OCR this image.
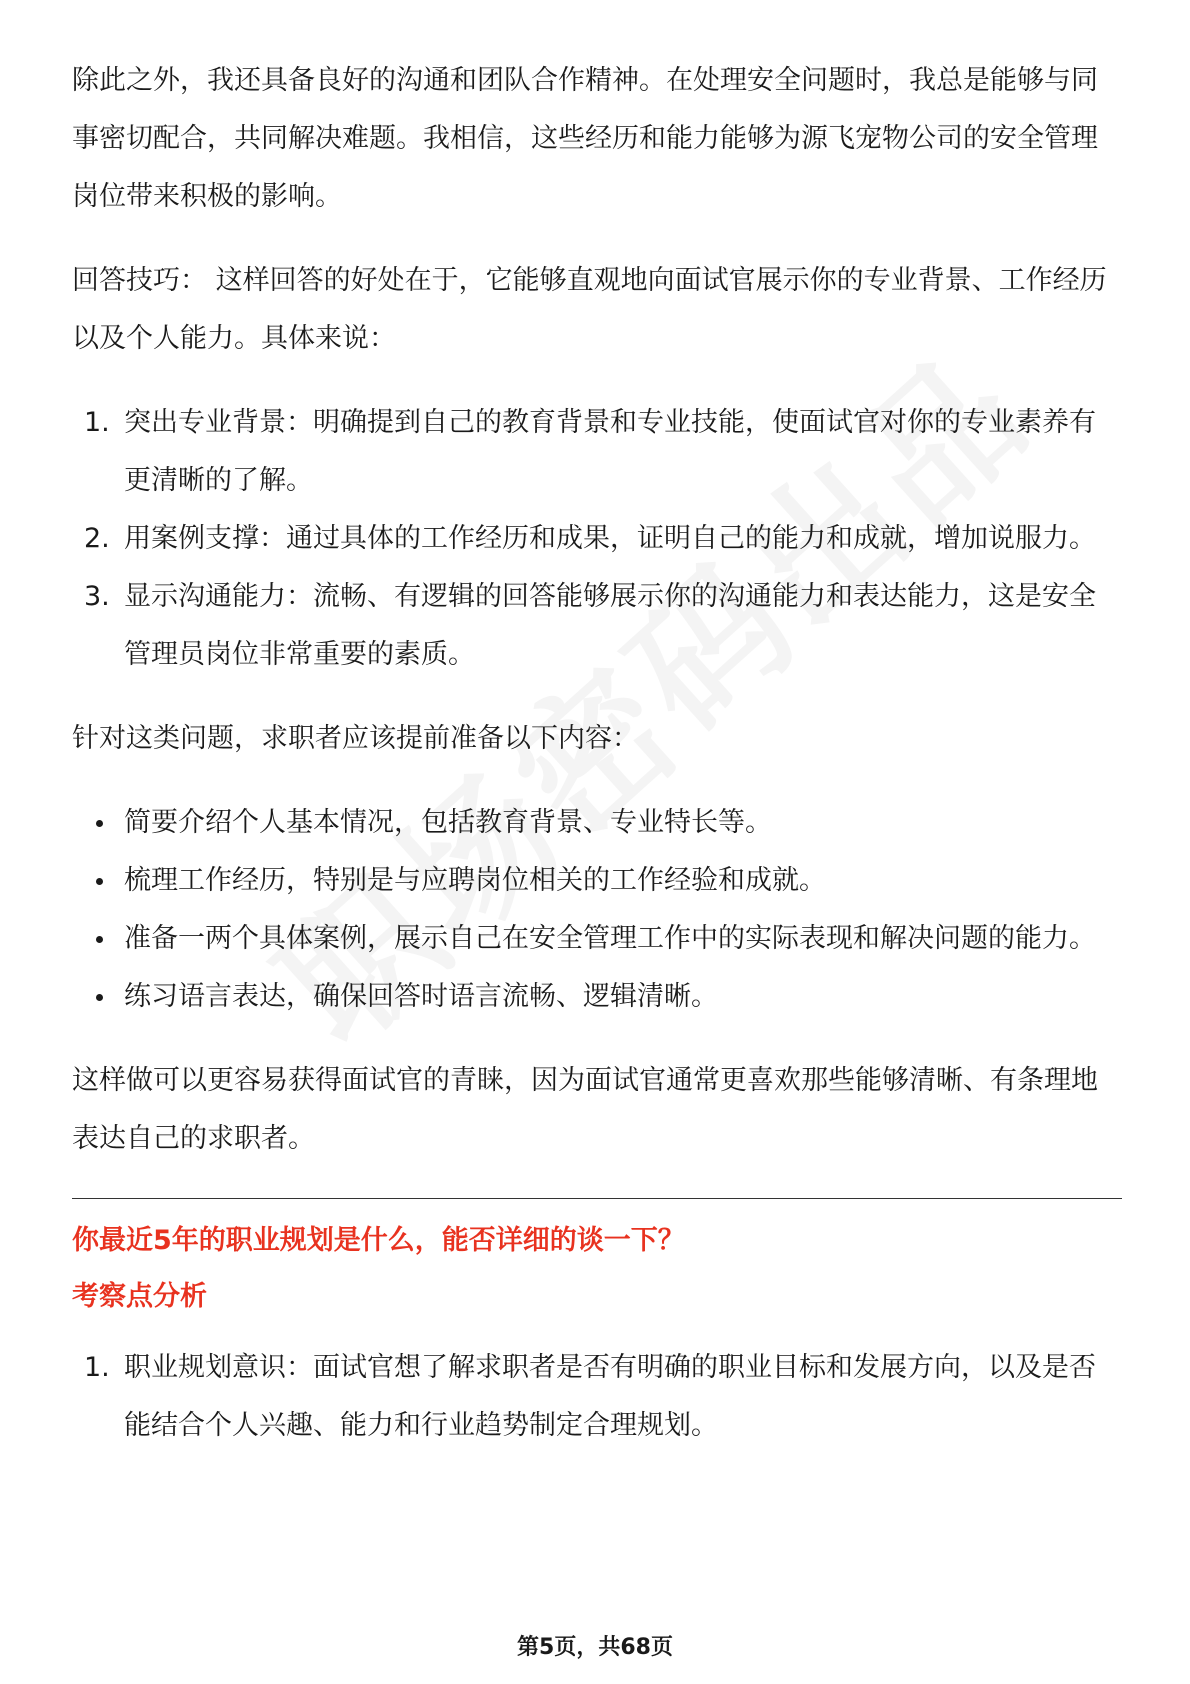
除此之外，我还具备良好的沟通和团队合作精神。在处理安全问题时，我总是能够与同事密切配合，共同解决难题。我相信，这些经历和能力能够为源飞宠物公司的安全管理岗位带来积极的影响。

回答技巧： 这样回答的好处在于，它能够直观地向面试官展示你的专业背景、工作经历以及个人能力。具体来说：

1. 突出专业背景：明确提到自己的教育背景和专业技能，使面试官对你的专业素养有更清晰的了解。
2. 用案例支撑：通过具体的工作经历和成果，证明自己的能力和成就，增加说服力。
3. 显示沟通能力：流畅、有逻辑的回答能够展示你的沟通能力和表达能力，这是安全管理员岗位非常重要的素质。

针对这类问题，求职者应该提前准备以下内容：

简要介绍个人基本情况，包括教育背景、专业特长等。
梳理工作经历，特别是与应聘岗位相关的工作经验和成就。
准备一两个具体案例，展示自己在安全管理工作中的实际表现和解决问题的能力。
练习语言表达，确保回答时语言流畅、逻辑清晰。

这样做可以更容易获得面试官的青睐，因为面试官通常更喜欢那些能够清晰、有条理地表达自己的求职者。

你最近5年的职业规划是什么，能否详细的谈一下？
考察点分析
1. 职业规划意识：面试官想了解求职者是否有明确的职业目标和发展方向，以及是否能结合个人兴趣、能力和行业趋势制定合理规划。
第5页，共68页
